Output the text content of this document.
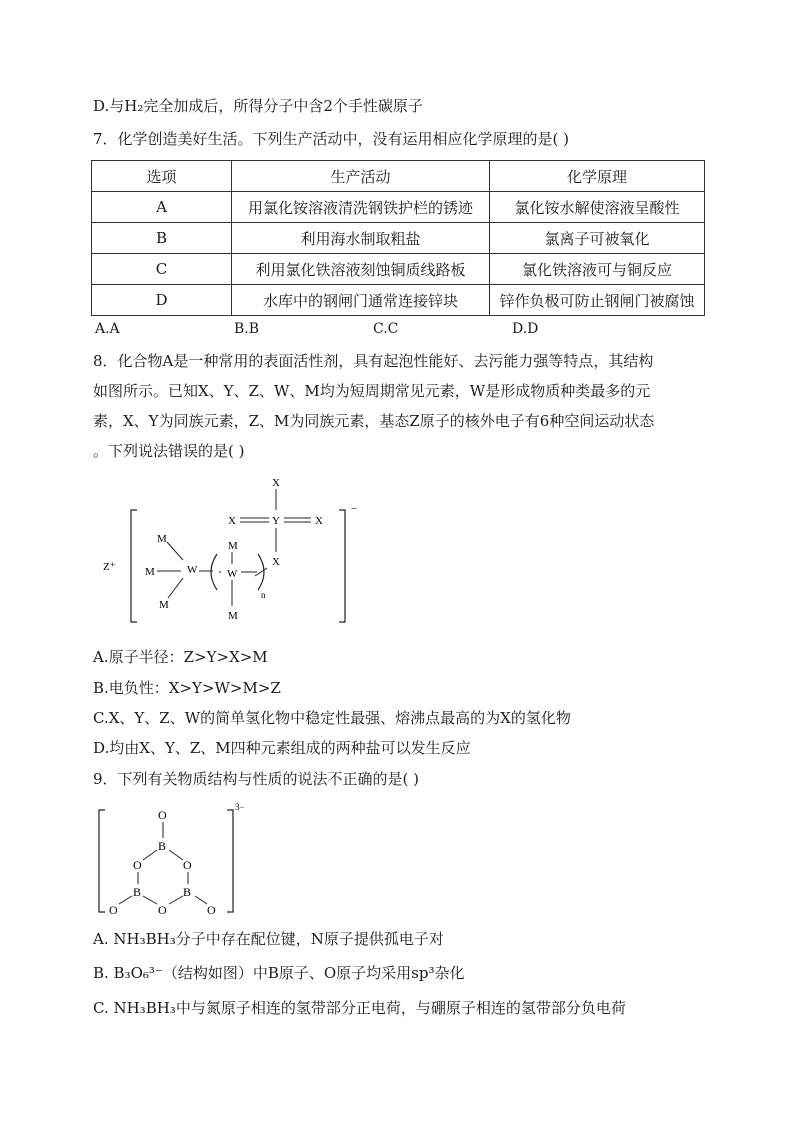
D.与H₂完全加成后，所得分子中含2个手性碳原子
7．化学创造美好生活。下列生产活动中，没有运用相应化学原理的是( )
选项	生产活动	化学原理
A	用氯化铵溶液清洗钢铁护栏的锈迹	氯化铵水解使溶液呈酸性
B	利用海水制取粗盐	氯离子可被氧化
C	利用氯化铁溶液刻蚀铜质线路板	氯化铁溶液可与铜反应
D	水库中的钢闸门通常连接锌块	锌作负极可防止钢闸门被腐蚀
A.A	B.B	C.C	D.D
8．化合物A是一种常用的表面活性剂，具有起泡性能好、去污能力强等特点，其结构
如图所示。已知X、Y、Z、W、M均为短周期常见元素，W是形成物质种类最多的元
素，X、Y为同族元素，Z、M为同族元素，基态Z原子的核外电子有6种空间运动状态
。下列说法错误的是( )
−
Z⁺
X
X	Y	X
X
M
M	W
M
M
W
M
n
A.原子半径：Z>Y>X>M
B.电负性：X>Y>W>M>Z
C.X、Y、Z、W的简单氢化物中稳定性最强、熔沸点最高的为X的氢化物
D.均由X、Y、Z、M四种元素组成的两种盐可以发生反应
9．下列有关物质结构与性质的说法不正确的是( )
3−
O
B
O	O
B	B
O
O	O
A. NH₃BH₃分子中存在配位键，N原子提供孤电子对
B. B₃O₆³⁻（结构如图）中B原子、O原子均采用sp³杂化
C. NH₃BH₃中与氮原子相连的氢带部分正电荷，与硼原子相连的氢带部分负电荷
